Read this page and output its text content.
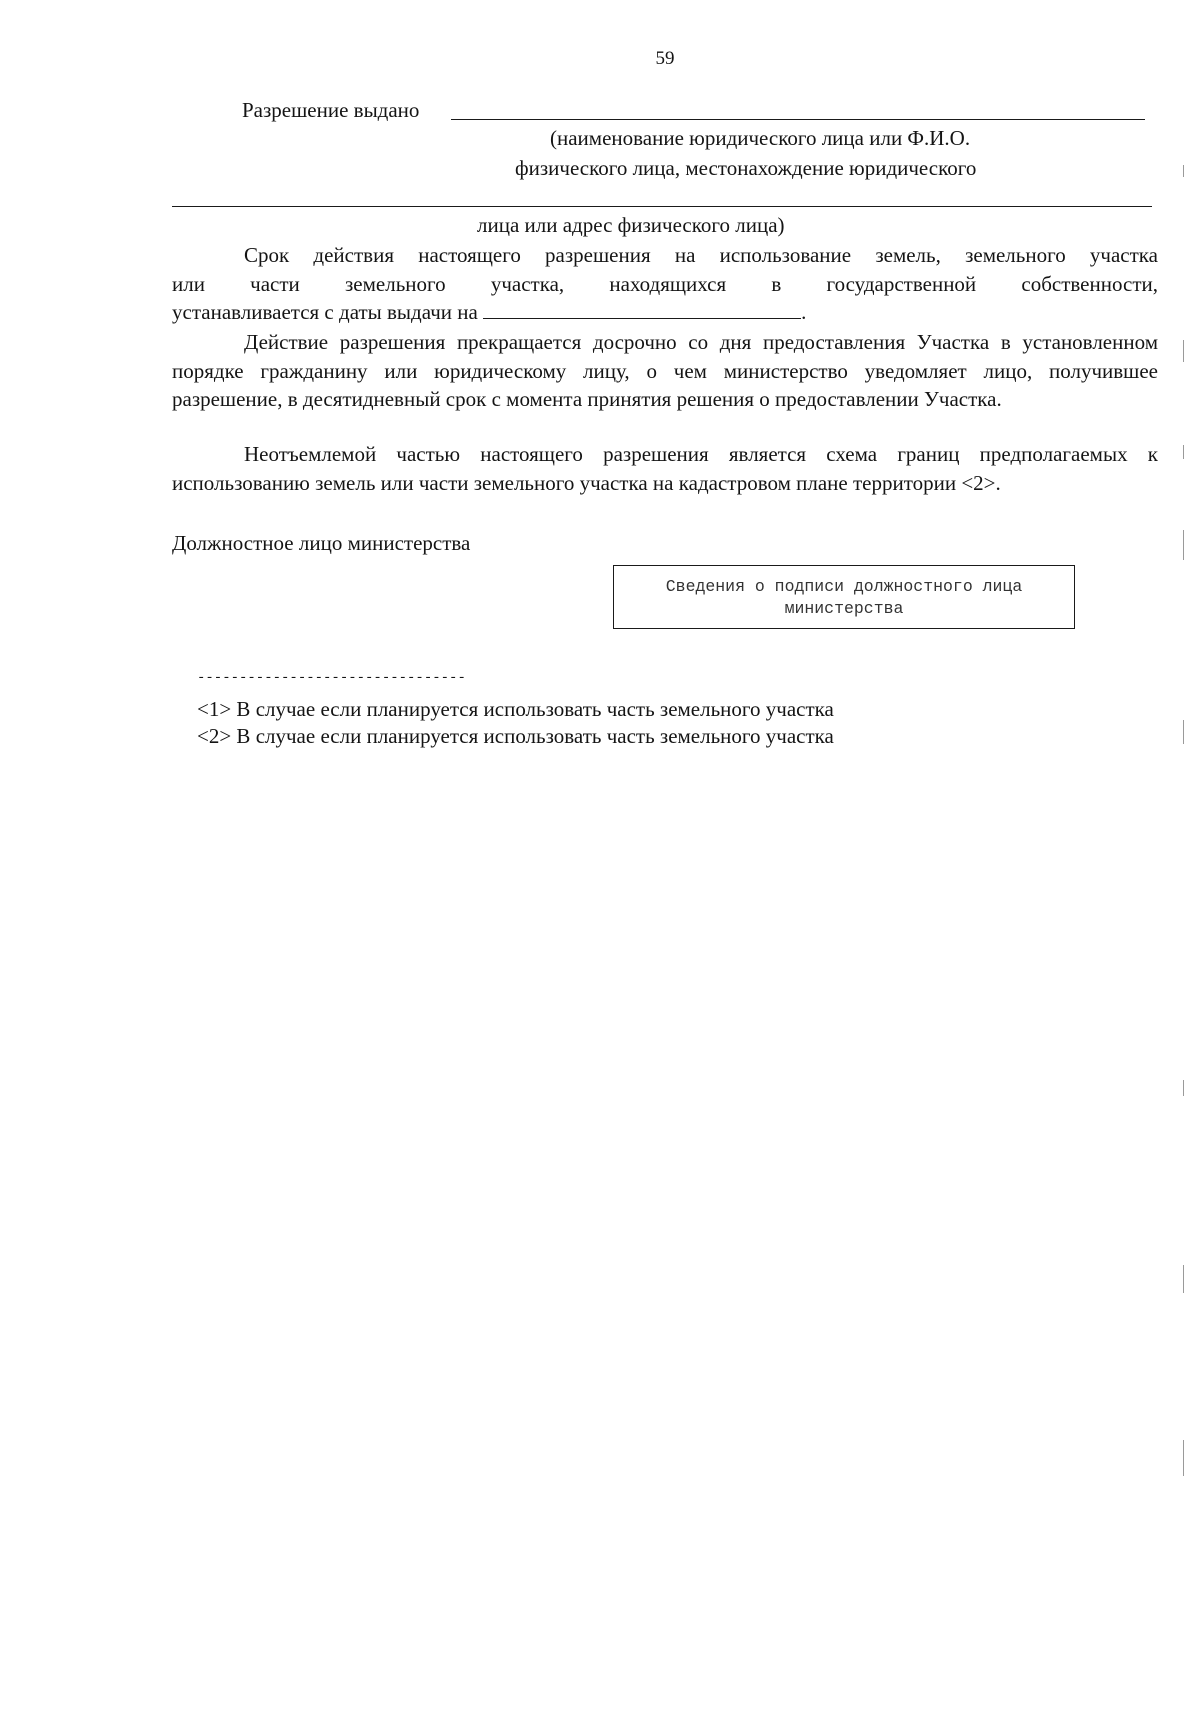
59
Разрешение выдано
(наименование юридического лица или Ф.И.О.
физического лица, местонахождение юридического
лица или адрес физического лица)
Срок действия настоящего разрешения на использование земель, земельного участка
или части земельного участка, находящихся в государственной собственности,
устанавливается с даты выдачи на	.
Действие разрешения прекращается досрочно со дня предоставления Участка в установленном порядке гражданину или юридическому лицу, о чем министерство уведомляет лицо, получившее разрешение, в десятидневный срок с момента принятия решения о предоставлении Участка.
Неотъемлемой частью настоящего разрешения является схема границ предполагаемых к использованию земель или части земельного участка на кадастровом плане территории <2>.
Должностное лицо министерства
Сведения о подписи должностного лица
министерства
--------------------------------
<1> В случае если планируется использовать часть земельного участка
<2> В случае если планируется использовать часть земельного участка
